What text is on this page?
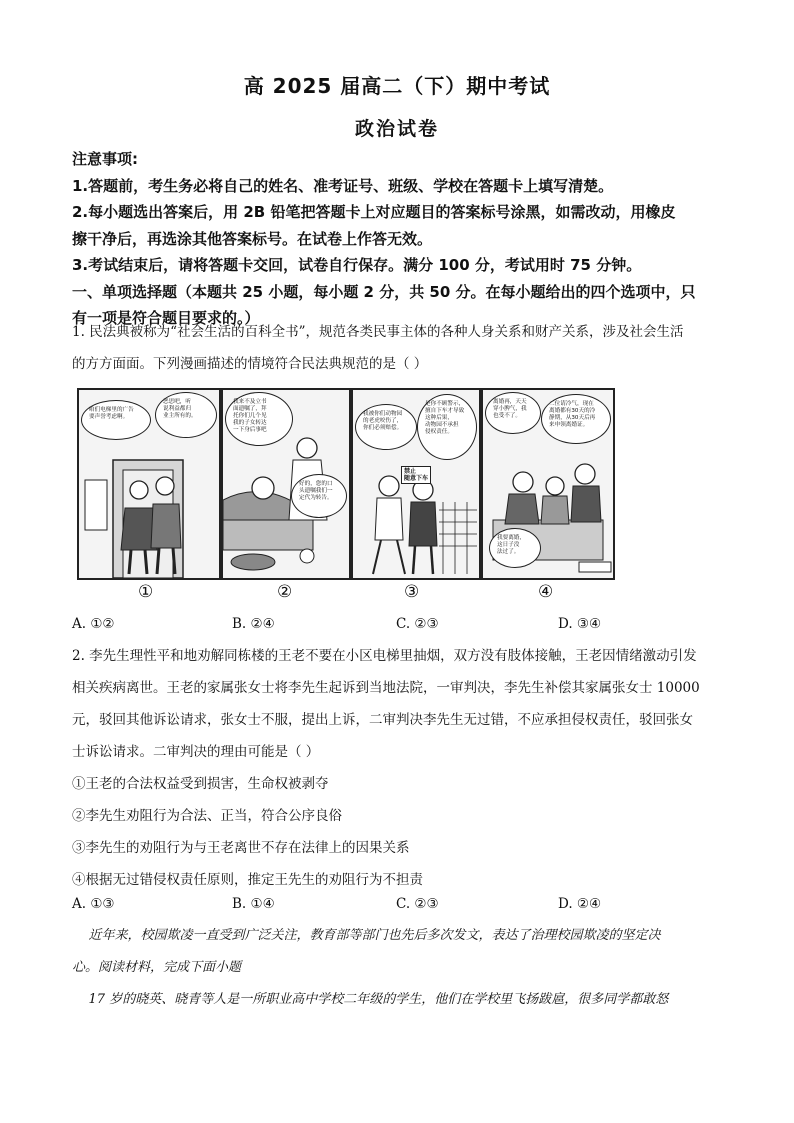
高 2025 届高二（下）期中考试
政治试卷
注意事项:
1.答题前，考生务必将自己的姓名、准考证号、班级、学校在答题卡上填写清楚。
2.每小题选出答案后，用 2B 铅笔把答题卡上对应题目的答案标号涂黑，如需改动，用橡皮
擦干净后，再选涂其他答案标号。在试卷上作答无效。
3.考试结束后，请将答题卡交回，试卷自行保存。满分 100 分，考试用时 75 分钟。
一、单项选择题（本题共 25 小题，每小题 2 分，共 50 分。在每小题给出的四个选项中，只
有一项是符合题目要求的。）
1. 民法典被称为“社会生活的百科全书”，规范各类民事主体的各种人身关系和财产关系，涉及社会生活
的方方面面。下列漫画描述的情境符合民法典规范的是（ ）
咱们电梯里的广告
要声誉考虑啊。
恶思吧，听
说利益都归
业主所有的。
我来不及立书
面遗嘱了，拜
托你们几个见
我的子女转达
一下身后事吧
好的，您的口
头遗嘱我们一
定代为转告。
我被你们动物园
的老虎咬伤了，
你们必须赔偿。
是你不顾警示，
擅自下车才导致
这种后果，
动物园不承担
侵权责任。
禁止
随意下车
离婚再，天天
穿小脾气，我
也受不了。
二位请冷气，现在
离婚都有30天的冷
静期，从30天后再
来申领离婚证。
我要离婚，
这日子没
法过了。
①	②	③	④
A. ①②	B. ②④	C. ②③	D. ③④
2. 李先生理性平和地劝解同栋楼的王老不要在小区电梯里抽烟，双方没有肢体接触，王老因情绪激动引发
相关疾病离世。王老的家属张女士将李先生起诉到当地法院，一审判决，李先生补偿其家属张女士 10000
元，驳回其他诉讼请求，张女士不服，提出上诉，二审判决李先生无过错，不应承担侵权责任，驳回张女
士诉讼请求。二审判决的理由可能是（ ）
①王老的合法权益受到损害，生命权被剥夺
②李先生劝阻行为合法、正当，符合公序良俗
③李先生的劝阻行为与王老离世不存在法律上的因果关系
④根据无过错侵权责任原则，推定王先生的劝阻行为不担责
A. ①③	B. ①④	C. ②③	D. ②④
近年来，校园欺凌一直受到广泛关注，教育部等部门也先后多次发文，表达了治理校园欺凌的坚定决
心。阅读材料，完成下面小题
17 岁的晓英、晓青等人是一所职业高中学校二年级的学生，他们在学校里飞扬跋扈，很多同学都敢怒
